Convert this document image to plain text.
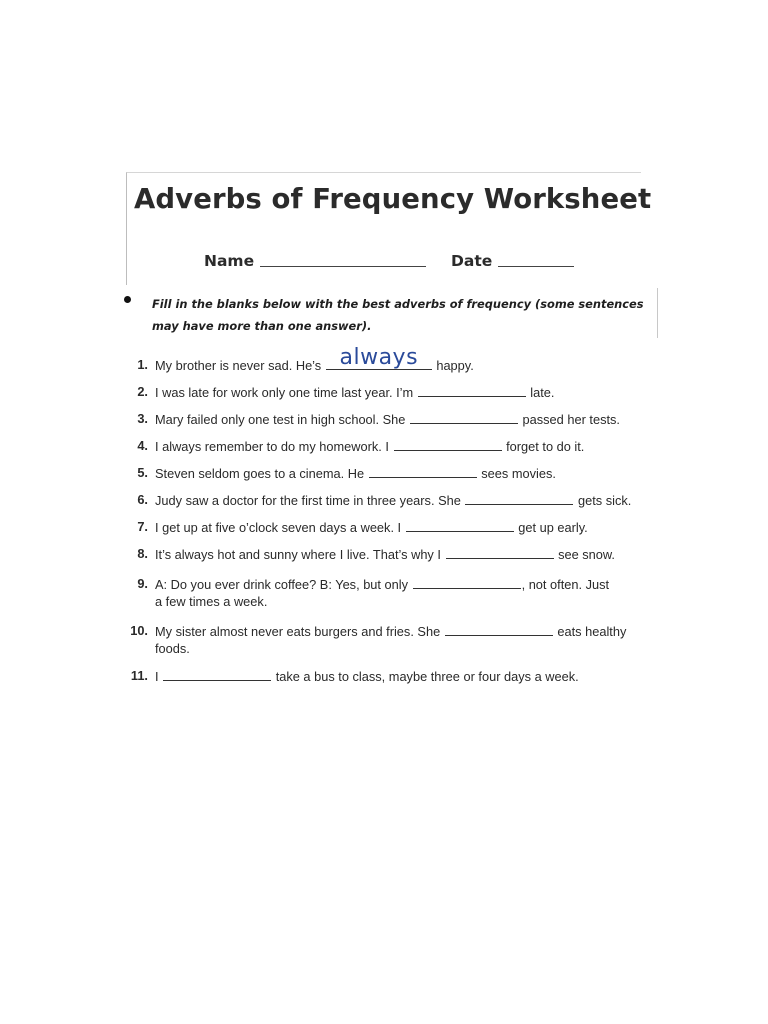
Adverbs of Frequency Worksheet
Name	Date

Fill in the blanks below with the best adverbs of frequency (some sentences may have more than one answer).

1. My brother is never sad. He’s always	happy.
2. I was late for work only one time last year. I’m	late.
3. Mary failed only one test in high school. She	passed her tests.
4. I always remember to do my homework. I	forget to do it.
5. Steven seldom goes to a cinema. He	sees movies.
6. Judy saw a doctor for the first time in three years. She	gets sick.
7. I get up at five o’clock seven days a week. I	get up early.
8. It’s always hot and sunny where I live. That’s why I	see snow.
9. A: Do you ever drink coffee? B: Yes, but only	, not often. Just
a few times a week.
10. My sister almost never eats burgers and fries. She	eats healthy
foods.
11. I	take a bus to class, maybe three or four days a week.
